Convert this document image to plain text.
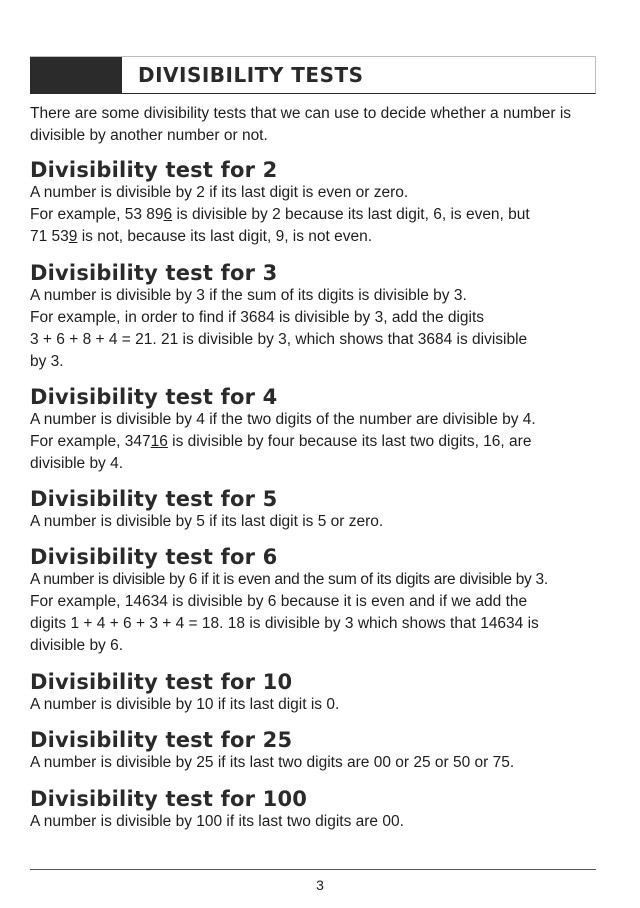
DIVISIBILITY TESTS

There are some divisibility tests that we can use to decide whether a number is divisible by another number or not.

Divisibility test for 2

A number is divisible by 2 if its last digit is even or zero.

For example, 53 896 is divisible by 2 because its last digit, 6, is even, but

71 539 is not, because its last digit, 9, is not even.

Divisibility test for 3

A number is divisible by 3 if the sum of its digits is divisible by 3.

For example, in order to find if 3684 is divisible by 3, add the digits

3 + 6 + 8 + 4 = 21. 21 is divisible by 3, which shows that 3684 is divisible

by 3.

Divisibility test for 4

A number is divisible by 4 if the two digits of the number are divisible by 4.

For example, 34716 is divisible by four because its last two digits, 16, are

divisible by 4.

Divisibility test for 5

A number is divisible by 5 if its last digit is 5 or zero.

Divisibility test for 6

A number is divisible by 6 if it is even and the sum of its digits are divisible by 3.

For example, 14634 is divisible by 6 because it is even and if we add the

digits 1 + 4 + 6 + 3 + 4 = 18. 18 is divisible by 3 which shows that 14634 is

divisible by 6.

Divisibility test for 10

A number is divisible by 10 if its last digit is 0.

Divisibility test for 25

A number is divisible by 25 if its last two digits are 00 or 25 or 50 or 75.

Divisibility test for 100

A number is divisible by 100 if its last two digits are 00.

3
